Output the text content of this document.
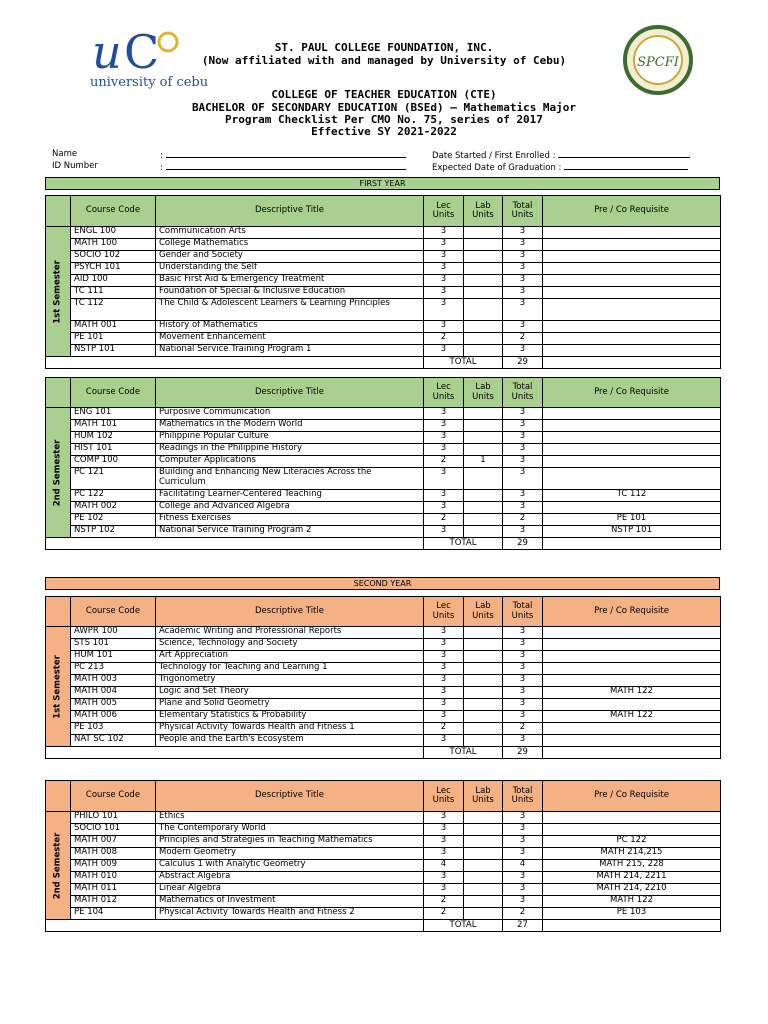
u C
university of cebu
SPCFI
ST. PAUL COLLEGE FOUNDATION, INC.
(Now affiliated with and managed by University of Cebu)
COLLEGE OF TEACHER EDUCATION (CTE)
BACHELOR OF SECONDARY EDUCATION (BSEd) – Mathematics Major
Program Checklist Per CMO No. 75, series of 2017
Effective SY 2021-2022
Name	:
ID Number	:
Date Started / First Enrolled :
Expected Date of Graduation :
FIRST YEAR
	Course Code	Descriptive Title	Lec Units	Lab Units	Total Units	Pre / Co Requisite

1st Semester	ENGL 100	Communication Arts	3		3	
	MATH 100	College Mathematics	3		3	
	SOCIO 102	Gender and Society	3		3	
	PSYCH 101	Understanding the Self	3		3	
	AID 100	Basic First Aid & Emergency Treatment	3		3	
	TC 111	Foundation of Special & Inclusive Education	3		3	
	TC 112	The Child & Adolescent Learners & Learning Principles	3		3	
	MATH 001	History of Mathematics	3		3	
	PE 101	Movement Enhancement	2		2	
	NSTP 101	National Service Training Program 1	3		3	
			TOTAL		29	
	Course Code	Descriptive Title	Lec Units	Lab Units	Total Units	Pre / Co Requisite

2nd Semester	ENG 101	Purposive Communication	3		3	
	MATH 101	Mathematics in the Modern World	3		3	
	HUM 102	Philippine Popular Culture	3		3	
	HIST 101	Readings in the Philippine History	3		3	
	COMP 100	Computer Applications	2	1	3	
	PC 121	Building and Enhancing New Literacies Across the Curriculum	3		3	
	PC 122	Facilitating Learner-Centered Teaching	3		3	TC 112
	MATH 002	College and Advanced Algebra	3		3	
	PE 102	Fitness Exercises	2		2	PE 101
	NSTP 102	National Service Training Program 2	3		3	NSTP 101
			TOTAL		29	
SECOND YEAR
	Course Code	Descriptive Title	Lec Units	Lab Units	Total Units	Pre / Co Requisite

1st Semester	AWPR 100	Academic Writing and Professional Reports	3		3	
	STS 101	Science, Technology and Society	3		3	
	HUM 101	Art Appreciation	3		3	
	PC 213	Technology for Teaching and Learning 1	3		3	
	MATH 003	Trigonometry	3		3	
	MATH 004	Logic and Set Theory	3		3	MATH 122
	MATH 005	Plane and Solid Geometry	3		3	
	MATH 006	Elementary Statistics & Probability	3		3	MATH 122
	PE 103	Physical Activity Towards Health and Fitness 1	2		2	
	NAT SC 102	People and the Earth's Ecosystem	3		3	
			TOTAL		29	
	Course Code	Descriptive Title	Lec Units	Lab Units	Total Units	Pre / Co Requisite

2nd Semester	PHILO 101	Ethics	3		3	
	SOCIO 101	The Contemporary World	3		3	
	MATH 007	Principles and Strategies in Teaching Mathematics	3		3	PC 122
	MATH 008	Modern Geometry	3		3	MATH 214,215
	MATH 009	Calculus 1 with Analytic Geometry	4		4	MATH 215, 228
	MATH 010	Abstract Algebra	3		3	MATH 214, 2211
	MATH 011	Linear Algebra	3		3	MATH 214, 2210
	MATH 012	Mathematics of Investment	2		3	MATH 122
	PE 104	Physical Activity Towards Health and Fitness 2	2		2	PE 103
			TOTAL		27	
